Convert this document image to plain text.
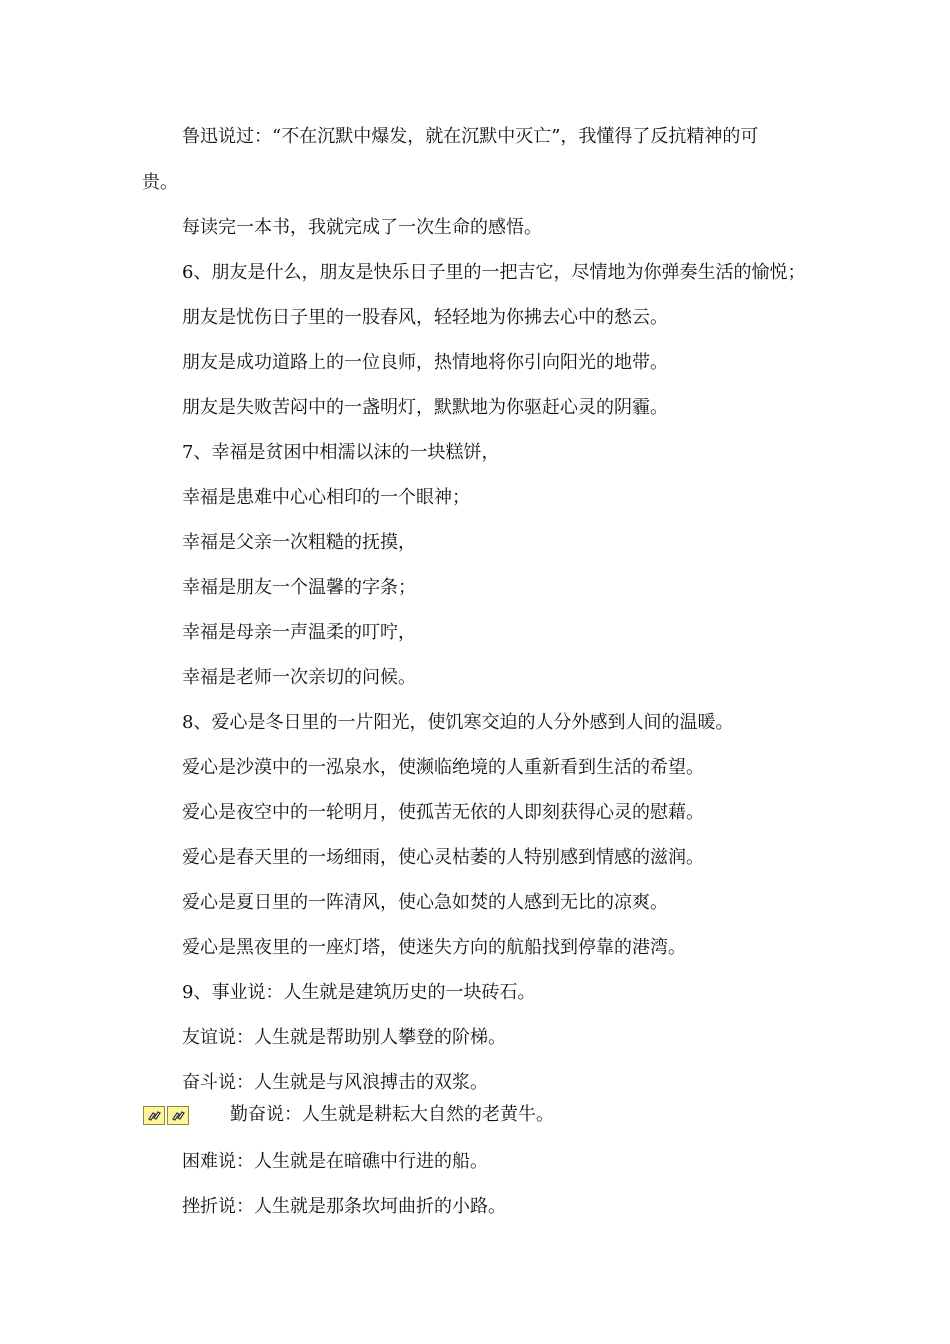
鲁迅说过：“不在沉默中爆发，就在沉默中灭亡”，我懂得了反抗精神的可
贵。
每读完一本书，我就完成了一次生命的感悟。
6、朋友是什么，朋友是快乐日子里的一把吉它，尽情地为你弹奏生活的愉悦；
朋友是忧伤日子里的一股春风，轻轻地为你拂去心中的愁云。
朋友是成功道路上的一位良师，热情地将你引向阳光的地带。
朋友是失败苦闷中的一盏明灯，默默地为你驱赶心灵的阴霾。
7、幸福是贫困中相濡以沫的一块糕饼，
幸福是患难中心心相印的一个眼神；
幸福是父亲一次粗糙的抚摸，
幸福是朋友一个温馨的字条；
幸福是母亲一声温柔的叮咛，
幸福是老师一次亲切的问候。
8、爱心是冬日里的一片阳光，使饥寒交迫的人分外感到人间的温暖。
爱心是沙漠中的一泓泉水，使濒临绝境的人重新看到生活的希望。
爱心是夜空中的一轮明月，使孤苦无依的人即刻获得心灵的慰藉。
爱心是春天里的一场细雨，使心灵枯萎的人特别感到情感的滋润。
爱心是夏日里的一阵清风，使心急如焚的人感到无比的凉爽。
爱心是黑夜里的一座灯塔，使迷失方向的航船找到停靠的港湾。
9、事业说：人生就是建筑历史的一块砖石。
友谊说：人生就是帮助别人攀登的阶梯。
奋斗说：人生就是与风浪搏击的双浆。
勤奋说：人生就是耕耘大自然的老黄牛。
困难说：人生就是在暗礁中行进的船。
挫折说：人生就是那条坎坷曲折的小路。
